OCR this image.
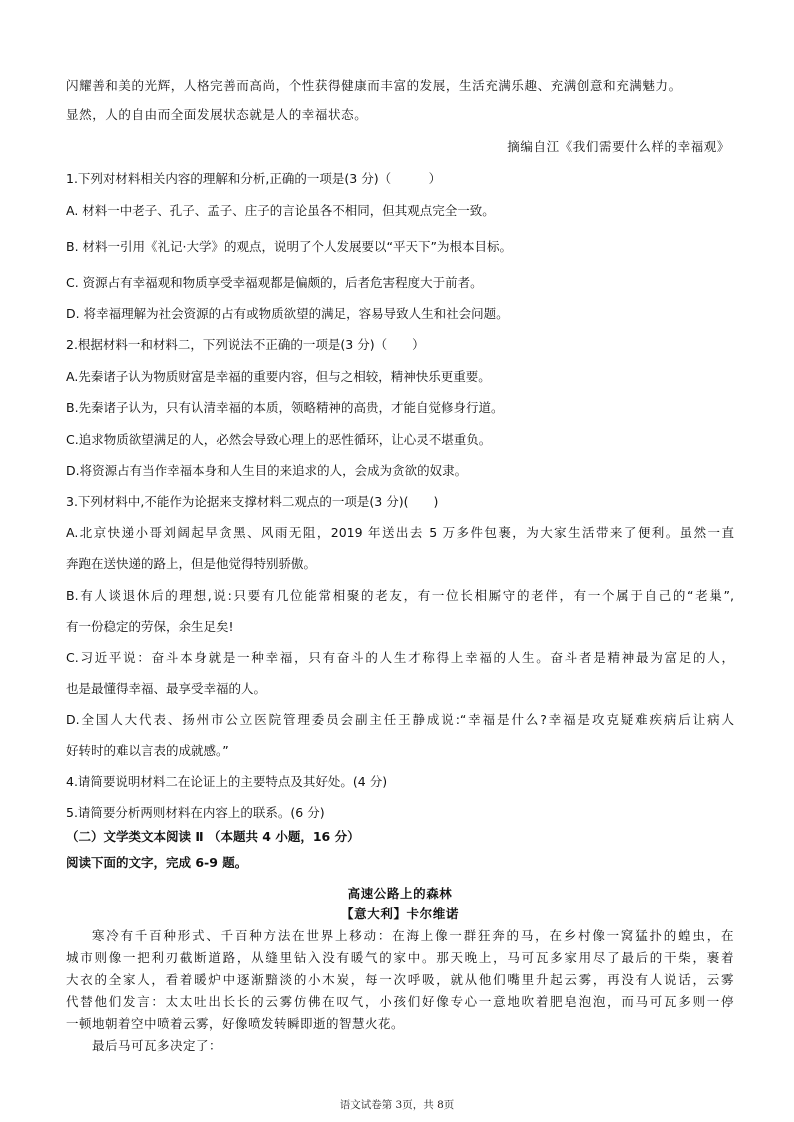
闪耀善和美的光辉，人格完善而高尚，个性获得健康而丰富的发展，生活充满乐趣、充满创意和充满魅力。
显然，人的自由而全面发展状态就是人的幸福状态。
摘编自江《我们需要什么样的幸福观》
1.下列对材料相关内容的理解和分析,正确的一项是(3 分)（　　　）
A. 材料一中老子、孔子、孟子、庄子的言论虽各不相同，但其观点完全一致。
B. 材料一引用《礼记·大学》的观点，说明了个人发展要以“平天下”为根本目标。
C. 资源占有幸福观和物质享受幸福观都是偏颇的，后者危害程度大于前者。
D. 将幸福理解为社会资源的占有或物质欲望的满足，容易导致人生和社会问题。
2.根据材料一和材料二，下列说法不正确的一项是(3 分)（　　）
A.先秦诸子认为物质财富是幸福的重要内容，但与之相较，精神快乐更重要。
B.先秦诸子认为，只有认清幸福的本质，领略精神的高贵，才能自觉修身行道。
C.追求物质欲望满足的人，必然会导致心理上的恶性循环，让心灵不堪重负。
D.将资源占有当作幸福本身和人生目的来追求的人，会成为贪欲的奴隶。
3.下列材料中,不能作为论据来支撑材料二观点的一项是(3 分)(　　)
A.北京快递小哥刘阔起早贪黑、风雨无阻，2019 年送出去 5 万多件包裹，为大家生活带来了便利。虽然一直
奔跑在送快递的路上，但是他觉得特别骄傲。
B.有人谈退休后的理想,说:只要有几位能常相聚的老友，有一位长相厮守的老伴，有一个属于自己的“老巢”,
有一份稳定的劳保，余生足矣!
C.习近平说：奋斗本身就是一种幸福，只有奋斗的人生才称得上幸福的人生。奋斗者是精神最为富足的人，
也是最懂得幸福、最享受幸福的人。
D.全国人大代表、扬州市公立医院管理委员会副主任王静成说:“幸福是什么?幸福是攻克疑难疾病后让病人
好转时的难以言表的成就感。”
4.请简要说明材料二在论证上的主要特点及其好处。(4 分)
5.请简要分析两则材料在内容上的联系。(6 分)
（二）文学类文本阅读 Ⅱ （本题共 4 小题，16 分）
阅读下面的文字，完成 6-9 题。
高速公路上的森林
【意大利】卡尔维诺
寒冷有千百种形式、千百种方法在世界上移动：在海上像一群狂奔的马，在乡村像一窝猛扑的蝗虫，在
城市则像一把利刃截断道路，从缝里钻入没有暖气的家中。那天晚上，马可瓦多家用尽了最后的干柴，裹着
大衣的全家人，看着暖炉中逐渐黯淡的小木炭，每一次呼吸，就从他们嘴里升起云雾，再没有人说话，云雾
代替他们发言：太太吐出长长的云雾仿佛在叹气，小孩们好像专心一意地吹着肥皂泡泡，而马可瓦多则一停
一顿地朝着空中喷着云雾，好像喷发转瞬即逝的智慧火花。
最后马可瓦多决定了：
语文试卷第 3页，共 8页
